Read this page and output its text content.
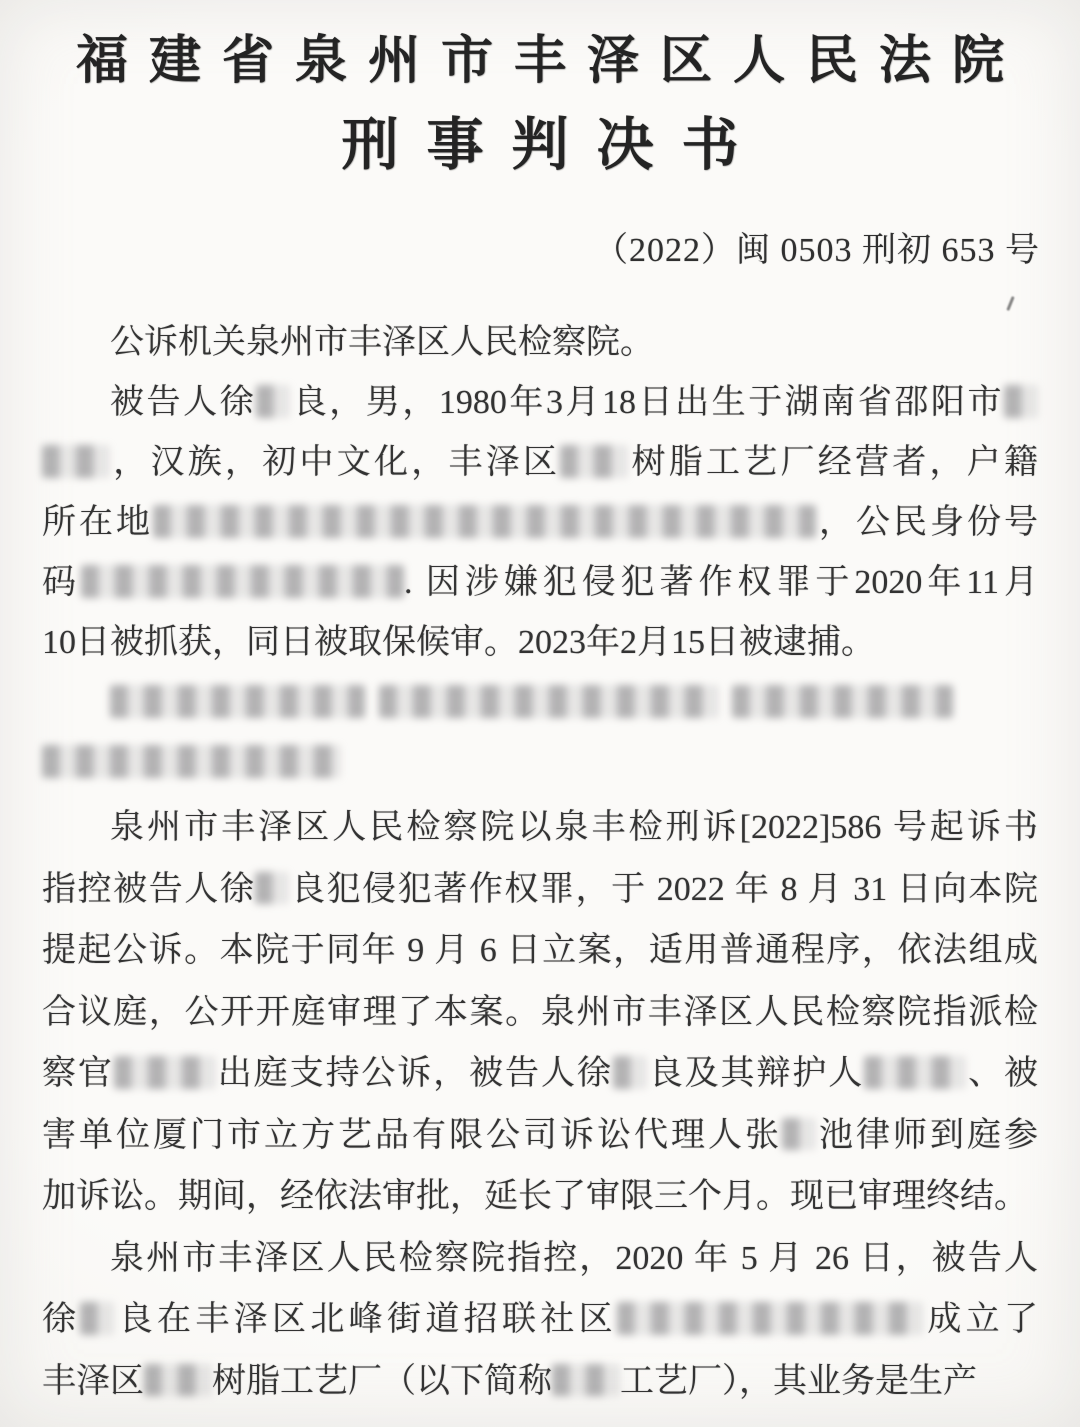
福建省泉州市丰泽区人民法院
刑事判决书
（2022）闽 0503 刑初 653 号
公诉机关泉州市丰泽区人民检察院。
被告人徐 良，男，1980年3月18日出生于湖南省邵阳市
，汉族，初中文化，丰泽区 树脂工艺厂经营者，户籍
所在地	，公民身份号
码	. 因涉嫌犯侵犯著作权罪于2020年11月
10日被抓获，同日被取保候审。2023年2月15日被逮捕。
泉州市丰泽区人民检察院以泉丰检刑诉[2022]586 号起诉书
指控被告人徐 良犯侵犯著作权罪，于 2022 年 8 月 31 日向本院
提起公诉。本院于同年 9 月 6 日立案，适用普通程序，依法组成
合议庭，公开开庭审理了本案。泉州市丰泽区人民检察院指派检
察官	出庭支持公诉，被告人徐 良及其辩护人	、被
害单位厦门市立方艺品有限公司诉讼代理人张 池律师到庭参
加诉讼。期间，经依法审批，延长了审限三个月。现已审理终结。
泉州市丰泽区人民检察院指控，2020 年 5 月 26 日，被告人
徐 良在丰泽区北峰街道招联社区	成立了
丰泽区 树脂工艺厂（以下简称 工艺厂），其业务是生产
